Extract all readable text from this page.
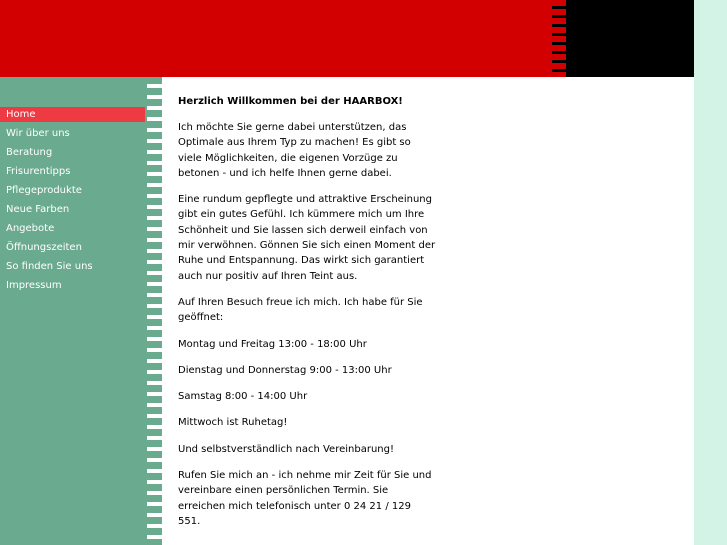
Home
Wir über uns
Beratung
Frisurentipps
Pflegeprodukte
Neue Farben
Angebote
Öffnungszeiten
So finden Sie uns
Impressum
Herzlich Willkommen bei der HAARBOX!

Ich möchte Sie gerne dabei unterstützen, das Optimale aus Ihrem Typ zu machen! Es gibt so viele Möglichkeiten, die eigenen Vorzüge zu betonen - und ich helfe Ihnen gerne dabei.

Eine rundum gepflegte und attraktive Erscheinung gibt ein gutes Gefühl. Ich kümmere mich um Ihre Schönheit und Sie lassen sich derweil einfach von mir verwöhnen. Gönnen Sie sich einen Moment der Ruhe und Entspannung. Das wirkt sich garantiert auch nur positiv auf Ihren Teint aus.

Auf Ihren Besuch freue ich mich. Ich habe für Sie geöffnet:

Montag und Freitag 13:00 - 18:00 Uhr

Dienstag und Donnerstag 9:00 - 13:00 Uhr

Samstag 8:00 - 14:00 Uhr

Mittwoch ist Ruhetag!

Und selbstverständlich nach Vereinbarung!

Rufen Sie mich an - ich nehme mir Zeit für Sie und vereinbare einen persönlichen Termin. Sie erreichen mich telefonisch unter 0 24 21 / 129 551.
